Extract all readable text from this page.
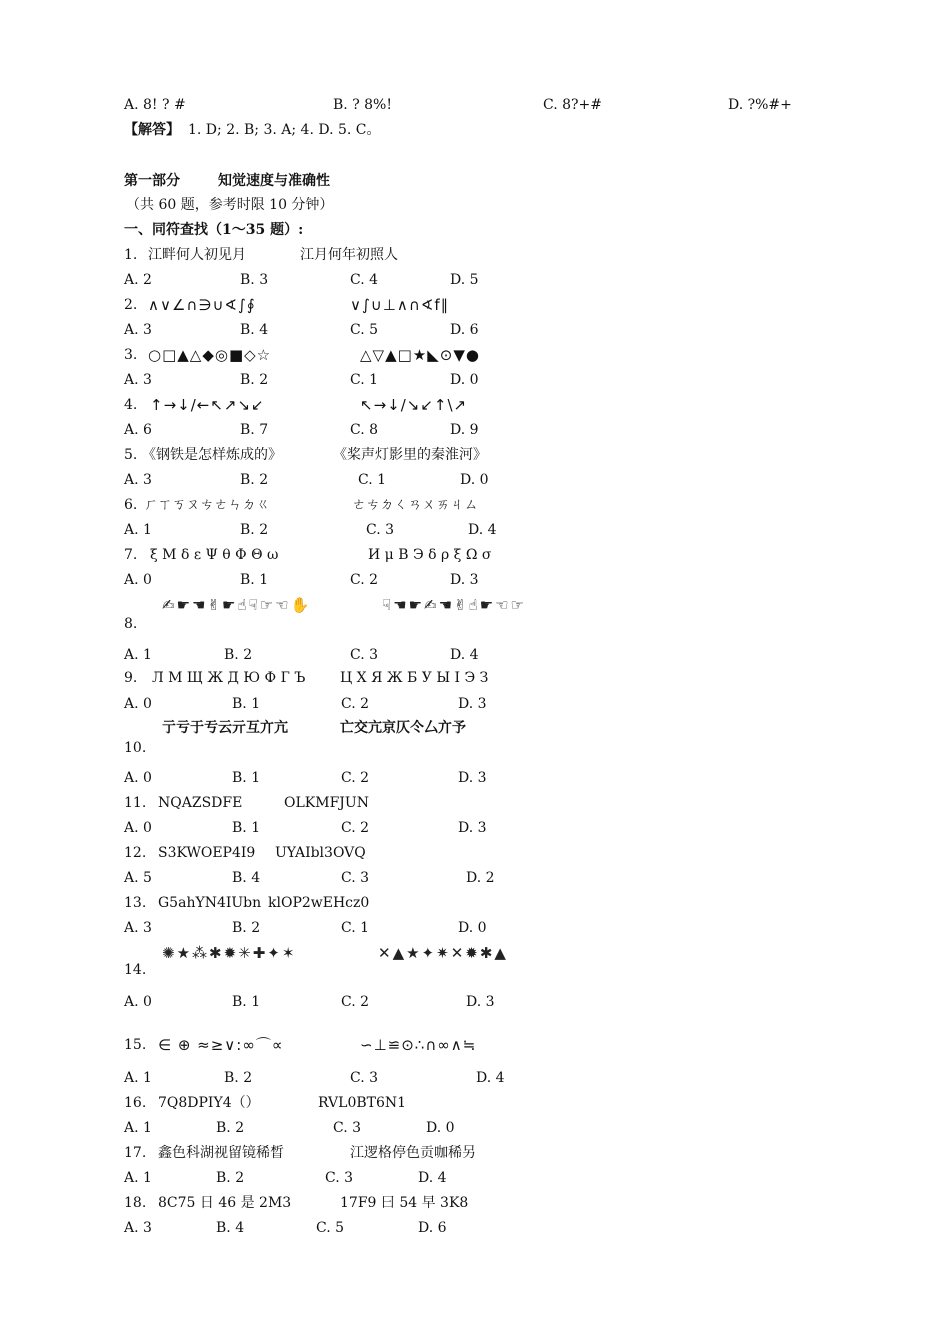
A. 8! ? #	B. ? 8%!	C. 8?+#	D. ?%#+
【解答】 1. D; 2. B; 3. A; 4. D. 5. C。
第一部分	知觉速度与准确性
（共 60 题，参考时限 10 分钟）
一、同符查找（1～35 题）:
1. 江畔何人初见月	江月何年初照人
A. 2	B. 3	C. 4	D. 5
2. ∧∨∠∩∋∪∢∫∮	∨∫∪⊥∧∩∢f∥
A. 3	B. 4	C. 5	D. 6
3. ○□▲△◆◎■◇☆	△▽▲□★◣⊙▼●
A. 3	B. 2	C. 1	D. 0
4. ↑→↓/←↖↗↘↙	↖→↓/↘↙↑\↗
A. 6	B. 7	C. 8	D. 9
5. 《钢铁是怎样炼成的》	《桨声灯影里的秦淮河》
A. 3	B. 2	C. 1	D. 0
6. ㄏㄒㄎㄡㄘㄜㄣㄉㄍ	ㄜㄘㄉㄑㄢㄨㄞㄐㄙ
A. 1	B. 2	C. 3	D. 4
7. ξ Μ δ ε Ψ θ Φ Θ ω	И μ В Э δ ρ ξ Ω σ
A. 0	B. 1	C. 2	D. 3
✍☛☚✌☛☝☟☞☜✋	☟☚☛✍☚✌☝☛☜☞
8.
A. 1	B. 2	C. 3	D. 4
9. Л М Щ Ж Д Ю Ф Г Ъ Ц Х Я Ж Б У Ы І Э З
A. 0	B. 1	C. 2	D. 3
亍亏于亐云亓互亣亢	亡交亢京仄仒厶亣予
10.
A. 0	B. 1	C. 2	D. 3
11. NQAZSDFE	OLKMFJUN
A. 0	B. 1	C. 2	D. 3
12. S3KWOEP4I9 UYAIbl3OVQ
A. 5	B. 4	C. 3	D. 2
13. G5ahYN4IUbn klOP2wEHcz0
A. 3	B. 2	C. 1	D. 0
✺★⁂✱✹✳✚✦✶	✕▲★✦✷✕✹✱▲
14.
A. 0	B. 1	C. 2	D. 3
15. ∈ ⊕ ≈≥∨:∞⌒∝	∽⊥≌⊙∴∩∞∧≒
A. 1	B. 2	C. 3	D. 4
16. 7Q8DPIY4（）	RVL0BT6N1
A. 1	B. 2	C. 3	D. 0
17. 鑫色科湖视留镜稀晳	江逻格停色贡咖稀另
A. 1	B. 2	C. 3	D. 4
18. 8C75 日 46 是 2M3	17F9 曰 54 早 3K8
A. 3	B. 4	C. 5	D. 6
